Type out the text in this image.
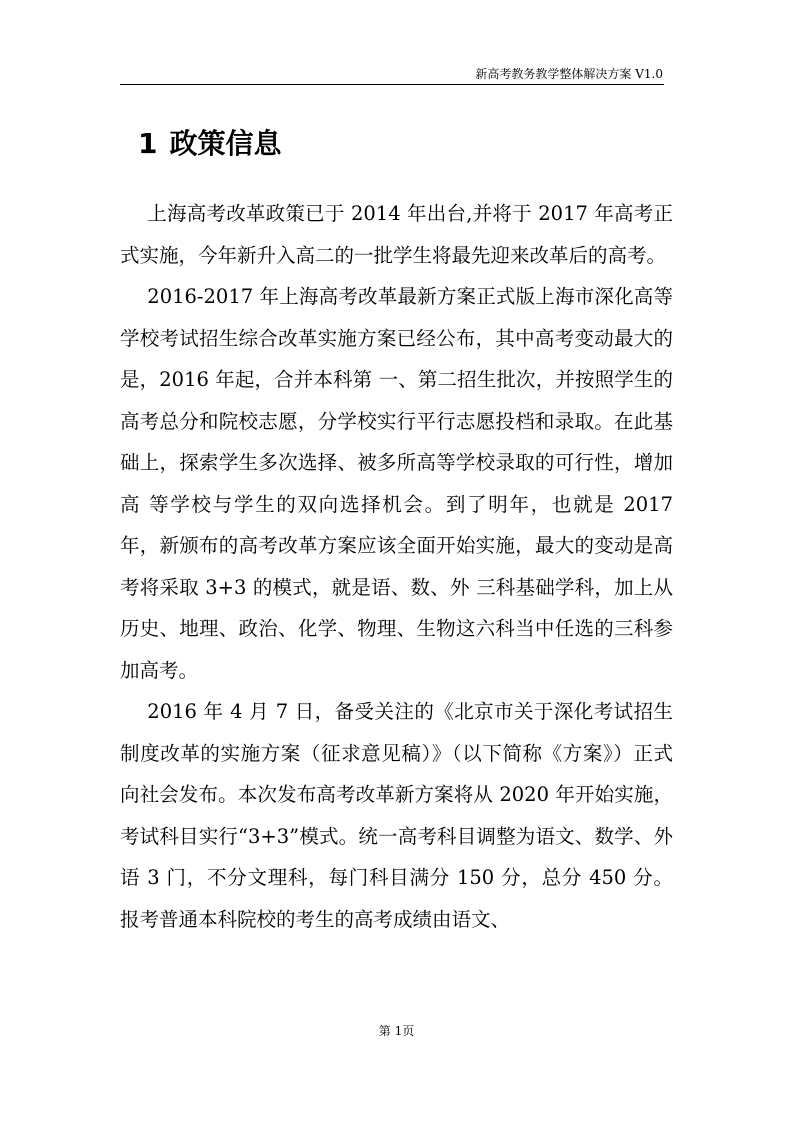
新高考教务教学整体解决方案 V1.0
1 政策信息

上海高考改革政策已于 2014 年出台,并将于 2017 年高考正式实施，今年新升入高二的一批学生将最先迎来改革后的高考。

2016-2017 年上海高考改革最新方案正式版上海市深化高等学校考试招生综合改革实施方案已经公布，其中高考变动最大的是，2016 年起，合并本科第 一、第二招生批次，并按照学生的高考总分和院校志愿，分学校实行平行志愿投档和录取。在此基础上，探索学生多次选择、被多所高等学校录取的可行性，增加高 等学校与学生的双向选择机会。到了明年，也就是 2017 年，新颁布的高考改革方案应该全面开始实施，最大的变动是高考将采取 3+3 的模式，就是语、数、外 三科基础学科，加上从历史、地理、政治、化学、物理、生物这六科当中任选的三科参加高考。

2016 年 4 月 7 日，备受关注的《北京市关于深化考试招生制度改革的实施方案（征求意见稿）》（以下简称《方案》）正式向社会发布。本次发布高考改革新方案将从 2020 年开始实施，考试科目实行“3+3”模式。统一高考科目调整为语文、数学、外语 3 门，不分文理科，每门科目满分 150 分，总分 450 分。报考普通本科院校的考生的高考成绩由语文、

第 1页
